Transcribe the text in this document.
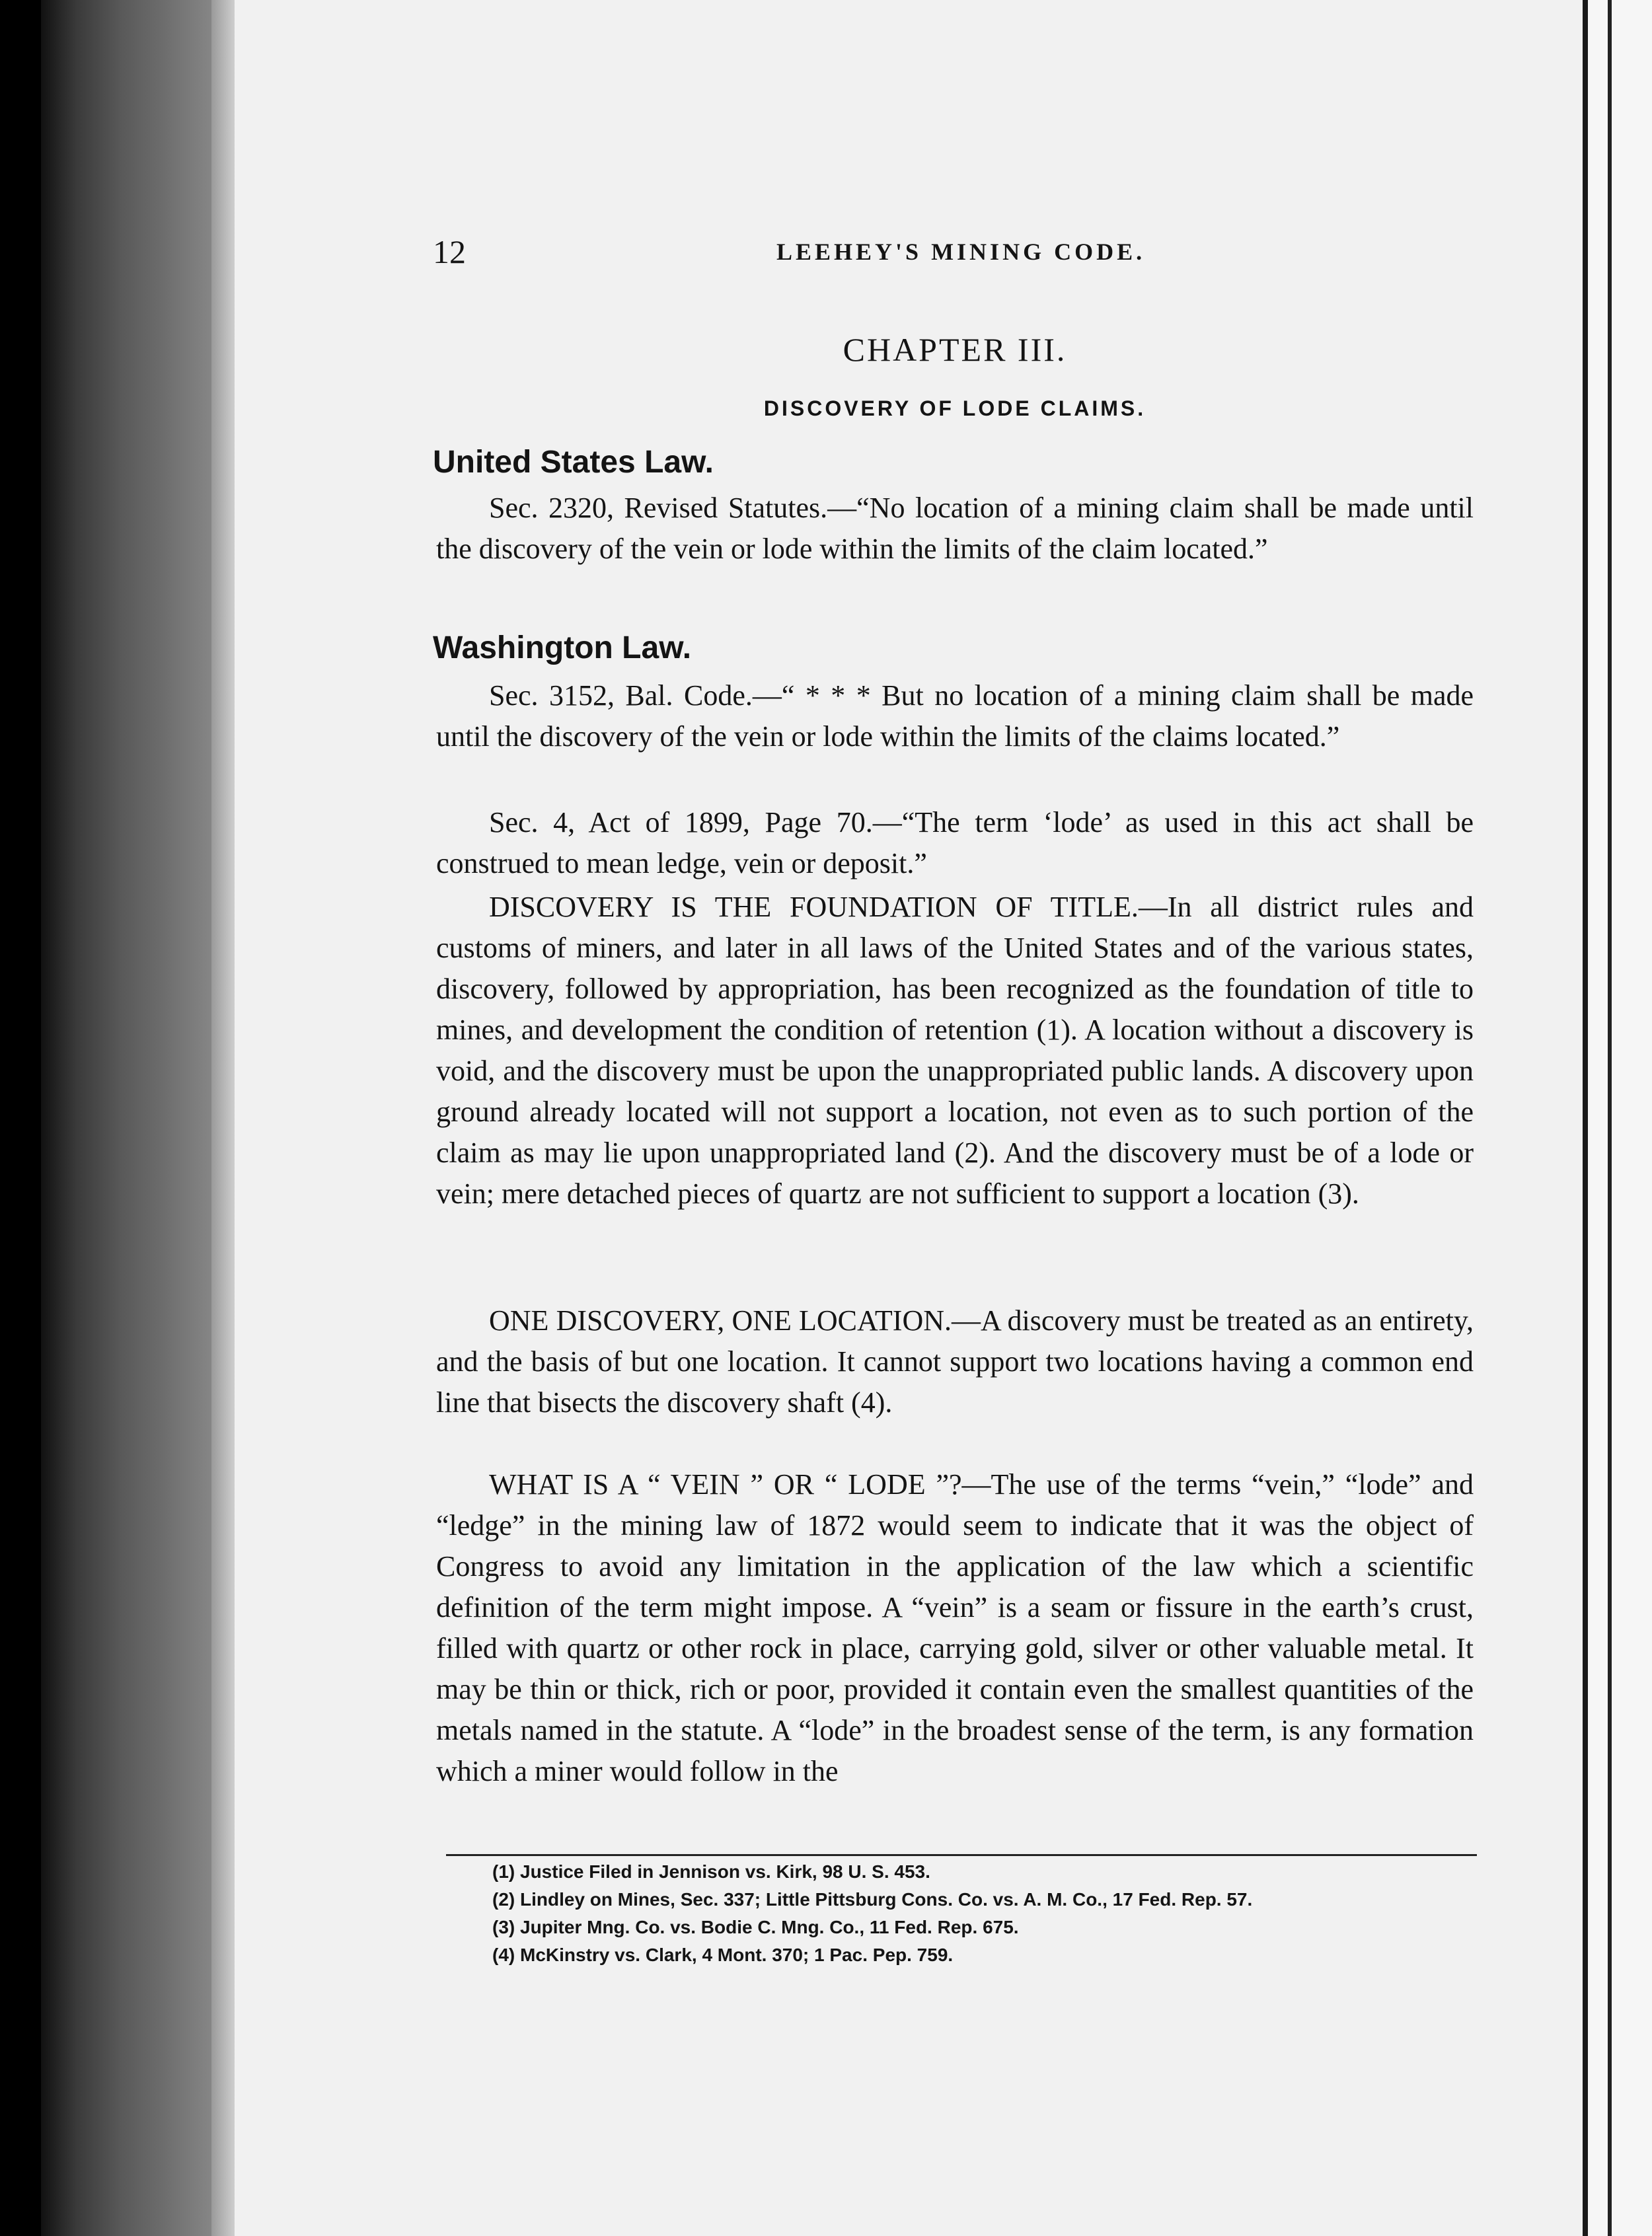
12	LEEHEY'S MINING CODE.
CHAPTER III.
DISCOVERY OF LODE CLAIMS.
United States Law.

Sec. 2320, Revised Statutes.—“No location of a mining claim shall be made until the discovery of the vein or lode within the limits of the claim located.”

Washington Law.

Sec. 3152, Bal. Code.—“ * * * But no location of a mining claim shall be made until the discovery of the vein or lode within the limits of the claims located.”

Sec. 4, Act of 1899, Page 70.—“The term ‘lode’ as used in this act shall be construed to mean ledge, vein or deposit.”

DISCOVERY IS THE FOUNDATION OF TITLE.—In all district rules and customs of miners, and later in all laws of the United States and of the various states, discovery, followed by appropriation, has been recognized as the foundation of title to mines, and development the condition of retention (1). A location without a discovery is void, and the discovery must be upon the unappropriated public lands. A discovery upon ground already located will not support a location, not even as to such portion of the claim as may lie upon unappropriated land (2). And the discovery must be of a lode or vein; mere detached pieces of quartz are not sufficient to support a location (3).

ONE DISCOVERY, ONE LOCATION.—A discovery must be treated as an entirety, and the basis of but one location. It cannot support two locations having a common end line that bisects the discovery shaft (4).

WHAT IS A “ VEIN ” OR “ LODE ”?—The use of the terms “vein,” “lode” and “ledge” in the mining law of 1872 would seem to indicate that it was the object of Congress to avoid any limitation in the application of the law which a scientific definition of the term might impose. A “vein” is a seam or fissure in the earth’s crust, filled with quartz or other rock in place, carrying gold, silver or other valuable metal. It may be thin or thick, rich or poor, provided it contain even the smallest quantities of the metals named in the statute. A “lode” in the broadest sense of the term, is any formation which a miner would follow in the

(1) Justice Filed in Jennison vs. Kirk, 98 U. S. 453.

(2) Lindley on Mines, Sec. 337; Little Pittsburg Cons. Co. vs. A. M. Co., 17 Fed. Rep. 57.

(3) Jupiter Mng. Co. vs. Bodie C. Mng. Co., 11 Fed. Rep. 675.

(4) McKinstry vs. Clark, 4 Mont. 370; 1 Pac. Pep. 759.
